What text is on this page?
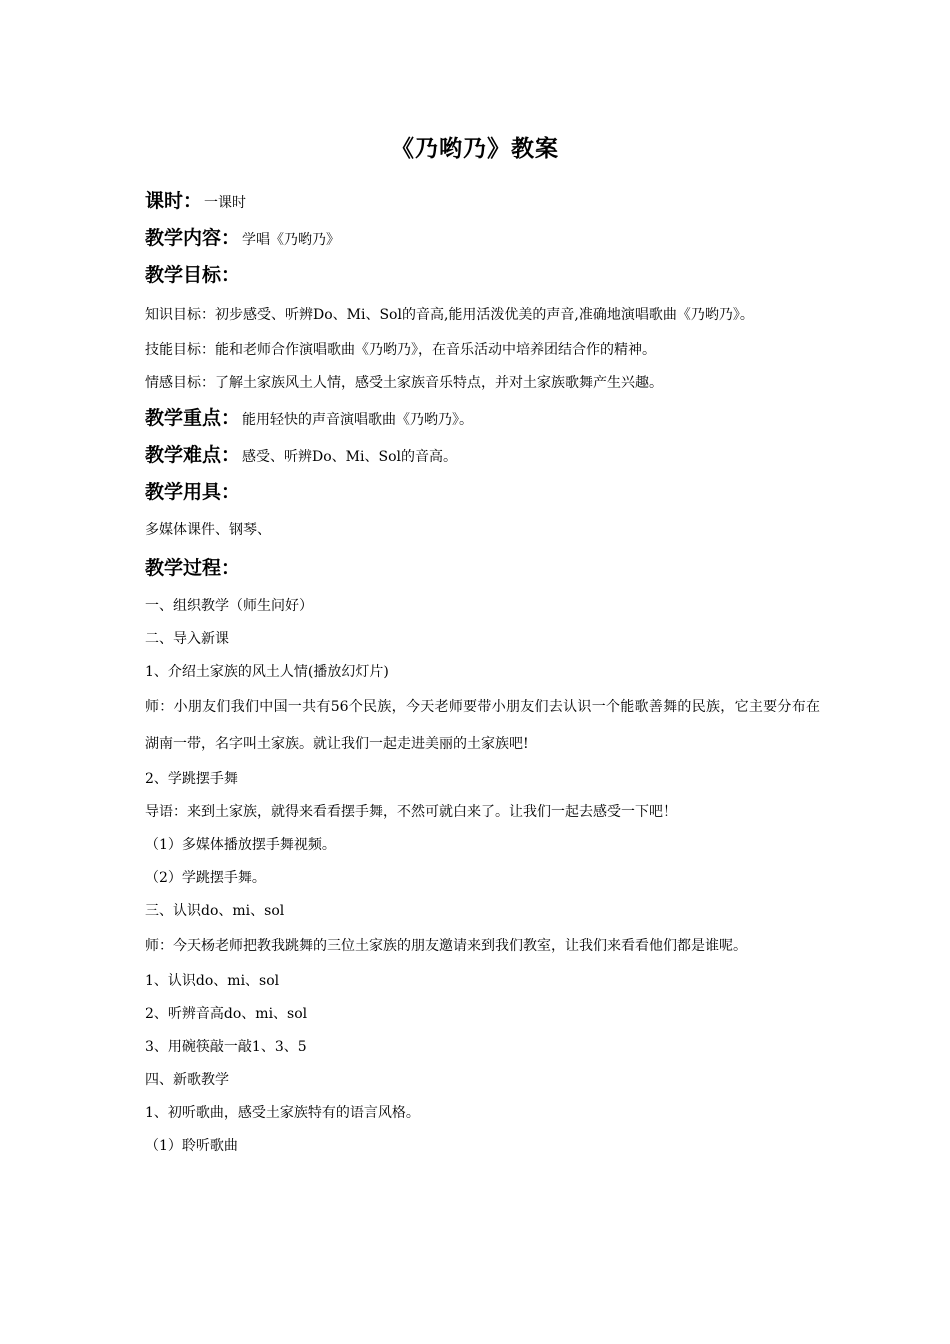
《乃哟乃》教案
课时： 一课时
教学内容： 学唱《乃哟乃》
教学目标：
知识目标：初步感受、听辨Do、Mi、Sol的音高,能用活泼优美的声音,准确地演唱歌曲《乃哟乃》。
技能目标：能和老师合作演唱歌曲《乃哟乃》，在音乐活动中培养团结合作的精神。
情感目标：了解土家族风土人情，感受土家族音乐特点，并对土家族歌舞产生兴趣。
教学重点： 能用轻快的声音演唱歌曲《乃哟乃》。
教学难点： 感受、听辨Do、Mi、Sol的音高。
教学用具：
多媒体课件、钢琴、
教学过程：
一、组织教学（师生问好）
二、导入新课
1、介绍土家族的风土人情(播放幻灯片)
师：小朋友们我们中国一共有56个民族，今天老师要带小朋友们去认识一个能歌善舞的民族，它主要分布在湖南一带，名字叫土家族。就让我们一起走进美丽的土家族吧!
2、学跳摆手舞
导语：来到土家族，就得来看看摆手舞，不然可就白来了。让我们一起去感受一下吧！
（1）多媒体播放摆手舞视频。
（2）学跳摆手舞。
三、认识do、mi、sol
师：今天杨老师把教我跳舞的三位土家族的朋友邀请来到我们教室，让我们来看看他们都是谁呢。
1、认识do、mi、sol
2、听辨音高do、mi、sol
3、用碗筷敲一敲1、3、5
四、新歌教学
1、初听歌曲，感受土家族特有的语言风格。
（1）聆听歌曲
